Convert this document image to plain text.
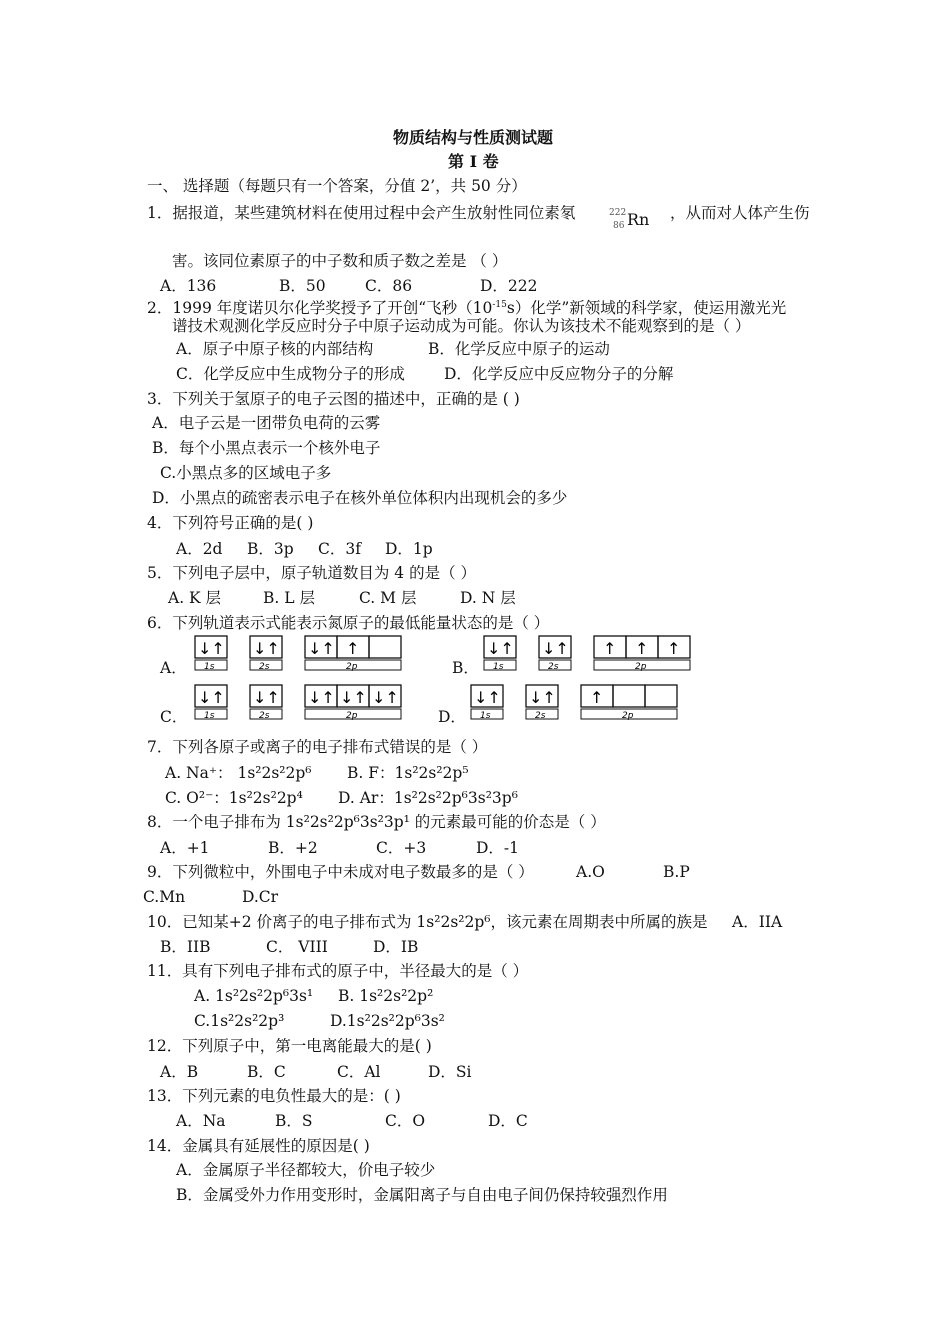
物质结构与性质测试题
第 I 卷
一、 选择题（每题只有一个答案，分值 2’，共 50 分）
1．据报道，某些建筑材料在使用过程中会产生放射性同位素氡	222
86 Rn ，从而对人体产生伤
害。该同位素原子的中子数和质子数之差是 （ ）
A．136	B．50	C．86	D．222
2．1999 年度诺贝尔化学奖授予了开创“飞秒$(10^{-15}s)$化学”新领域的科学家，使运用激光光
谱技术观测化学反应时分子中原子运动成为可能。你认为该技术不能观察到的是（ ）
A．原子中原子核的内部结构	B．化学反应中原子的运动
C．化学反应中生成物分子的形成	D．化学反应中反应物分子的分解
3．下列关于氢原子的电子云图的描述中，正确的是 ( )
A．电子云是一团带负电荷的云雾
B．每个小黑点表示一个核外电子
C.小黑点多的区域电子多
D．小黑点的疏密表示电子在核外单位体积内出现机会的多少
4．下列符号正确的是( )
A．2d B．3p C．3f D．1p
5．下列电子层中，原子轨道数目为 4 的是（ ）
A. K 层	B. L 层	C. M 层	D. N 层
6．下列轨道表示式能表示氮原子的最低能量状态的是（ ）
A．	B．
C．	D．
↓↑ ↓↑ ↓↑ ↑
1s	2s	2p
↓↑ ↓↑ ↑ ↑ ↑
1s	2s	2p
↓↑ ↓↑ ↓↑ ↓↑ ↓↑
1s	2s	2p
↓↑ ↓↑ ↑
1s	2s	2p
7．下列各原子或离子的电子排布式错误的是（ ）
A. Na⁺： 1s²2s²2p⁶ B. F：1s²2s²2p⁵
C. O²⁻：1s²2s²2p⁴ D. Ar：1s²2s²2p⁶3s²3p⁶
8．一个电子排布为 1s²2s²2p⁶3s²3p¹ 的元素最可能的价态是（ ）
A．+1	B．+2	C．+3	D．-1
9．下列微粒中，外围电子中未成对电子数最多的是（ ）	A.O	B.P
C.Mn	D.Cr
10．已知某+2 价离子的电子排布式为 1s²2s²2p⁶，该元素在周期表中所属的族是 A．IIA
B．IIB	C． VIII	D．IB
11．具有下列电子排布式的原子中，半径最大的是（ ）
A. 1s²2s²2p⁶3s¹ B. 1s²2s²2p²
C.1s²2s²2p³	D.1s²2s²2p⁶3s²
12．下列原子中，第一电离能最大的是( )
A．B	B．C	C．Al	D．Si
13．下列元素的电负性最大的是：( )
A．Na	B．S	C．O	D．C
14．金属具有延展性的原因是( )
A．金属原子半径都较大，价电子较少
B．金属受外力作用变形时，金属阳离子与自由电子间仍保持较强烈作用
